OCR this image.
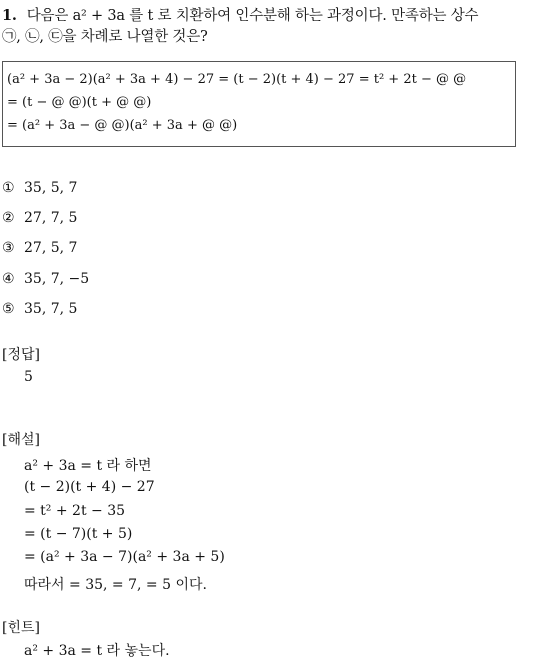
1. 다음은 a² + 3a 를 t 로 치환하여 인수분해 하는 과정이다. 만족하는 상수
㉠, ㉡, ㉢을 차례로 나열한 것은?
(a² + 3a − 2)(a² + 3a + 4) − 27 = (t − 2)(t + 4) − 27 = t² + 2t − @ @
= (t − @ @)(t + @ @)
= (a² + 3a − @ @)(a² + 3a + @ @)
① 35, 5, 7
② 27, 7, 5
③ 27, 5, 7
④ 35, 7, −5
⑤ 35, 7, 5
[정답]
5
[해설]
a² + 3a = t 라 하면
(t − 2)(t + 4) − 27
= t² + 2t − 35
= (t − 7)(t + 5)
= (a² + 3a − 7)(a² + 3a + 5)
따라서 = 35, = 7, = 5 이다.
[힌트]
a² + 3a = t 라 놓는다.
